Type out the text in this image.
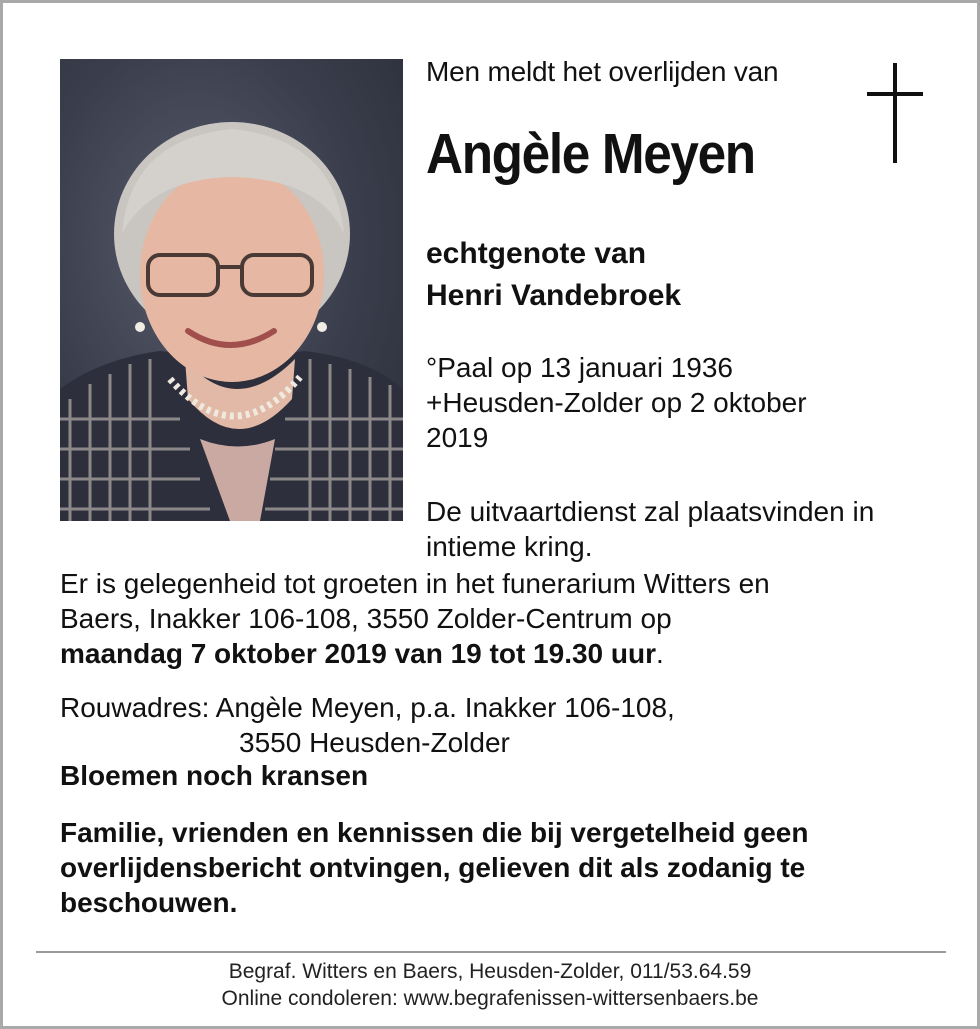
Men meldt het overlijden van
Angèle Meyen
echtgenote van
Henri Vandebroek
°Paal op 13 januari 1936
+Heusden-Zolder op 2 oktober
2019
De uitvaartdienst zal plaatsvinden in
intieme kring.
Er is gelegenheid tot groeten in het funerarium Witters en
Baers, Inakker 106-108, 3550 Zolder-Centrum op
maandag 7 oktober 2019 van 19 tot 19.30 uur.
Rouwadres: Angèle Meyen, p.a. Inakker 106-108,
3550 Heusden-Zolder
Bloemen noch kransen
Familie, vrienden en kennissen die bij vergetelheid geen
overlijdensbericht ontvingen, gelieven dit als zodanig te
beschouwen.
Begraf. Witters en Baers, Heusden-Zolder, 011/53.64.59
Online condoleren: www.begrafenissen-wittersenbaers.be
